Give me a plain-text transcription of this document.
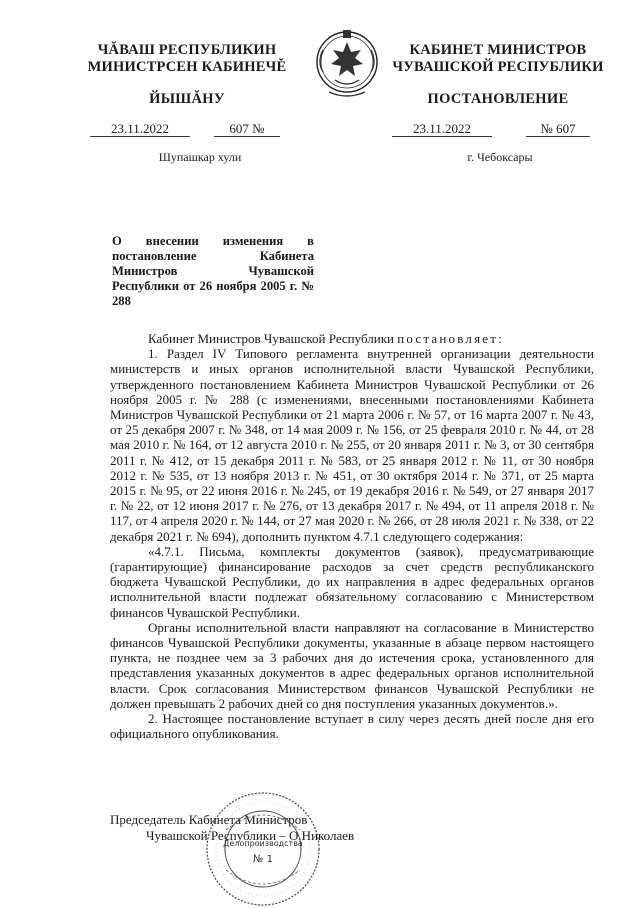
ЧĂВАШ РЕСПУБЛИКИН
МИНИСТРСЕН КАБИНЕЧĚ
ЙЫШĂНУ
КАБИНЕТ МИНИСТРОВ
ЧУВАШСКОЙ РЕСПУБЛИКИ
ПОСТАНОВЛЕНИЕ
23.11.2022	607 №	23.11.2022	№ 607
Шупашкар хули	г. Чебоксары
О внесении изменения в постановление Кабинета Министров Чувашской Республики от 26 ноября 2005 г. № 288

Кабинет Министров Чувашской Республики постановляет:

1. Раздел IV Типового регламента внутренней организации деятельности министерств и иных органов исполнительной власти Чувашской Республики, утвержденного постановлением Кабинета Министров Чувашской Республики от 26 ноября 2005 г. № 288 (с изменениями, внесенными постановлениями Кабинета Министров Чувашской Республики от 21 марта 2006 г. № 57, от 16 марта 2007 г. № 43, от 25 декабря 2007 г. № 348, от 14 мая 2009 г. № 156, от 25 февраля 2010 г. № 44, от 28 мая 2010 г. № 164, от 12 августа 2010 г. № 255, от 20 января 2011 г. № 3, от 30 сентября 2011 г. № 412, от 15 декабря 2011 г. № 583, от 25 января 2012 г. № 11, от 30 ноября 2012 г. № 535, от 13 ноября 2013 г. № 451, от 30 октября 2014 г. № 371, от 25 марта 2015 г. № 95, от 22 июня 2016 г. № 245, от 19 декабря 2016 г. № 549, от 27 января 2017 г. № 22, от 12 июня 2017 г. № 276, от 13 декабря 2017 г. № 494, от 11 апреля 2018 г. № 117, от 4 апреля 2020 г. № 144, от 27 мая 2020 г. № 266, от 28 июля 2021 г. № 338, от 22 декабря 2021 г. № 694), дополнить пунктом 4.7.1 следующего содержания:

«4.7.1. Письма, комплекты документов (заявок), предусматривающие (гарантирующие) финансирование расходов за счет средств республиканского бюджета Чувашской Республики, до их направления в адрес федеральных органов исполнительной власти подлежат обязательному согласованию с Министерством финансов Чувашской Республики.

Органы исполнительной власти направляют на согласование в Министерство финансов Чувашской Республики документы, указанные в абзаце первом настоящего пункта, не позднее чем за 3 рабочих дня до истечения срока, установленного для представления указанных документов в адрес федеральных органов исполнительной власти. Срок согласования Министерством финансов Чувашской Республики не должен превышать 2 рабочих дней со дня поступления указанных документов.».

2. Настоящее постановление вступает в силу через десять дней после дня его официального опубликования.

Председатель Кабинета Министров
Чувашской Республики – О.Николаев
Делопроизводства
№ 1
